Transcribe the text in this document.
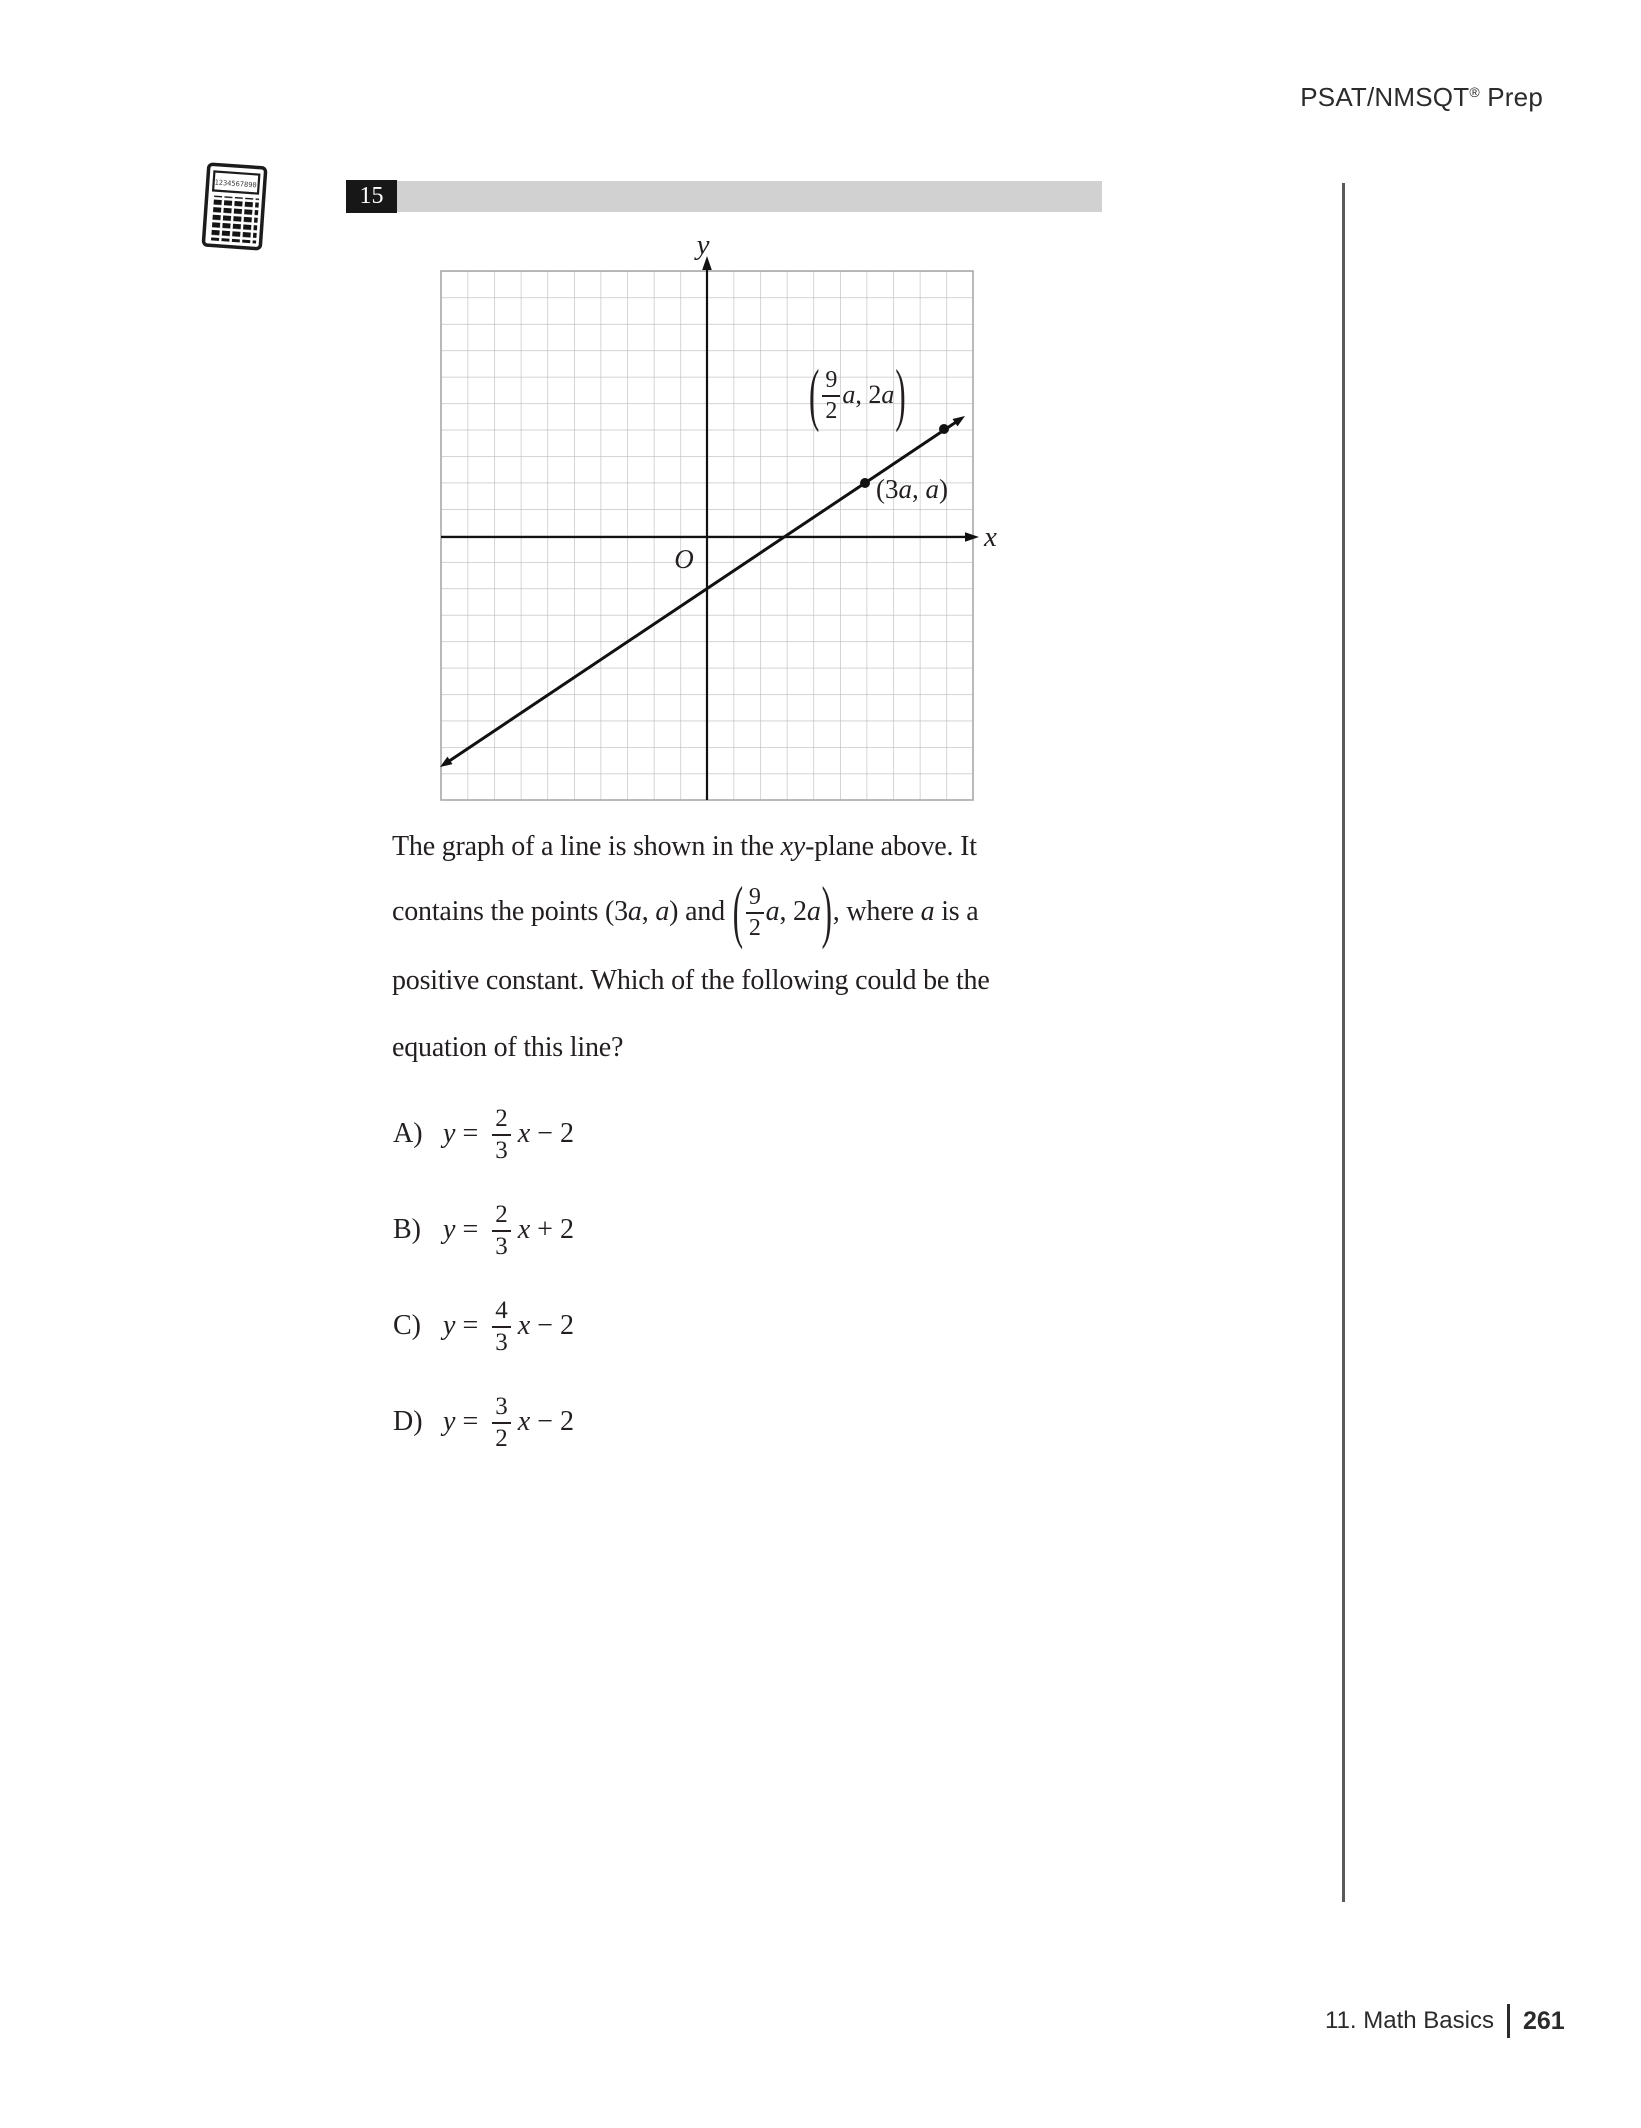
PSAT/NMSQT® Prep
1234567890	15
y
x
O
(3a, a)
( $\frac{9}{2}$ a , 2 a )
The graph of a line is shown in the xy-plane above. It
contains the points (3 a , a ) and ( $\frac{9}{2}$ a , 2 a ) , where a is a
positive constant. Which of the following could be the
equation of this line?
A) $y = \frac{2}{3}$ x − 2
B) $y = \frac{2}{3}$ x + 2
C) $y = \frac{4}{3}$ x − 2
D) $y = \frac{3}{2}$ x − 2
11. Math Basics 261
